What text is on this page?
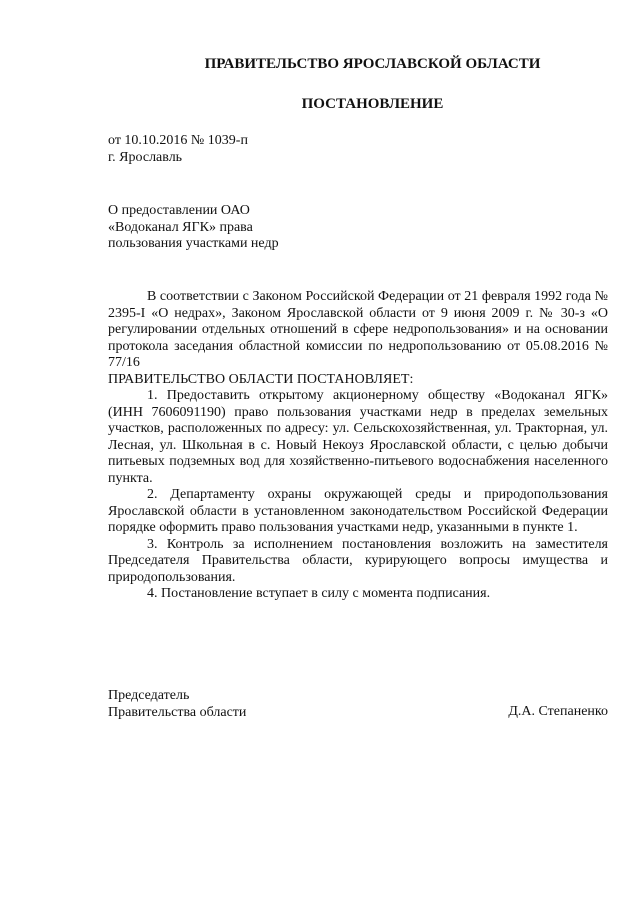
ПРАВИТЕЛЬСТВО ЯРОСЛАВСКОЙ ОБЛАСТИ
ПОСТАНОВЛЕНИЕ
от 10.10.2016 № 1039-п
г. Ярославль
О предоставлении ОАО
«Водоканал ЯГК» права
пользования участками недр

В соответствии с Законом Российской Федерации от 21 февраля 1992 года № 2395-I «О недрах», Законом Ярославской области от 9 июня 2009 г. № 30-з «О регулировании отдельных отношений в сфере недропользования» и на основании протокола заседания областной комиссии по недропользованию от 05.08.2016 № 77/16

ПРАВИТЕЛЬСТВО ОБЛАСТИ ПОСТАНОВЛЯЕТ:

1. Предоставить открытому акционерному обществу «Водоканал ЯГК» (ИНН 7606091190) право пользования участками недр в пределах земельных участков, расположенных по адресу: ул. Сельскохозяйственная, ул. Тракторная, ул. Лесная, ул. Школьная в с. Новый Некоуз Ярославской области, с целью добычи питьевых подземных вод для хозяйственно-питьевого водоснабжения населенного пункта.

2. Департаменту охраны окружающей среды и природопользования Ярославской области в установленном законодательством Российской Федерации порядке оформить право пользования участками недр, указанными в пункте 1.

3. Контроль за исполнением постановления возложить на заместителя Председателя Правительства области, курирующего вопросы имущества и природопользования.

4. Постановление вступает в силу с момента подписания.

Председатель
Правительства области	Д.А. Степаненко
